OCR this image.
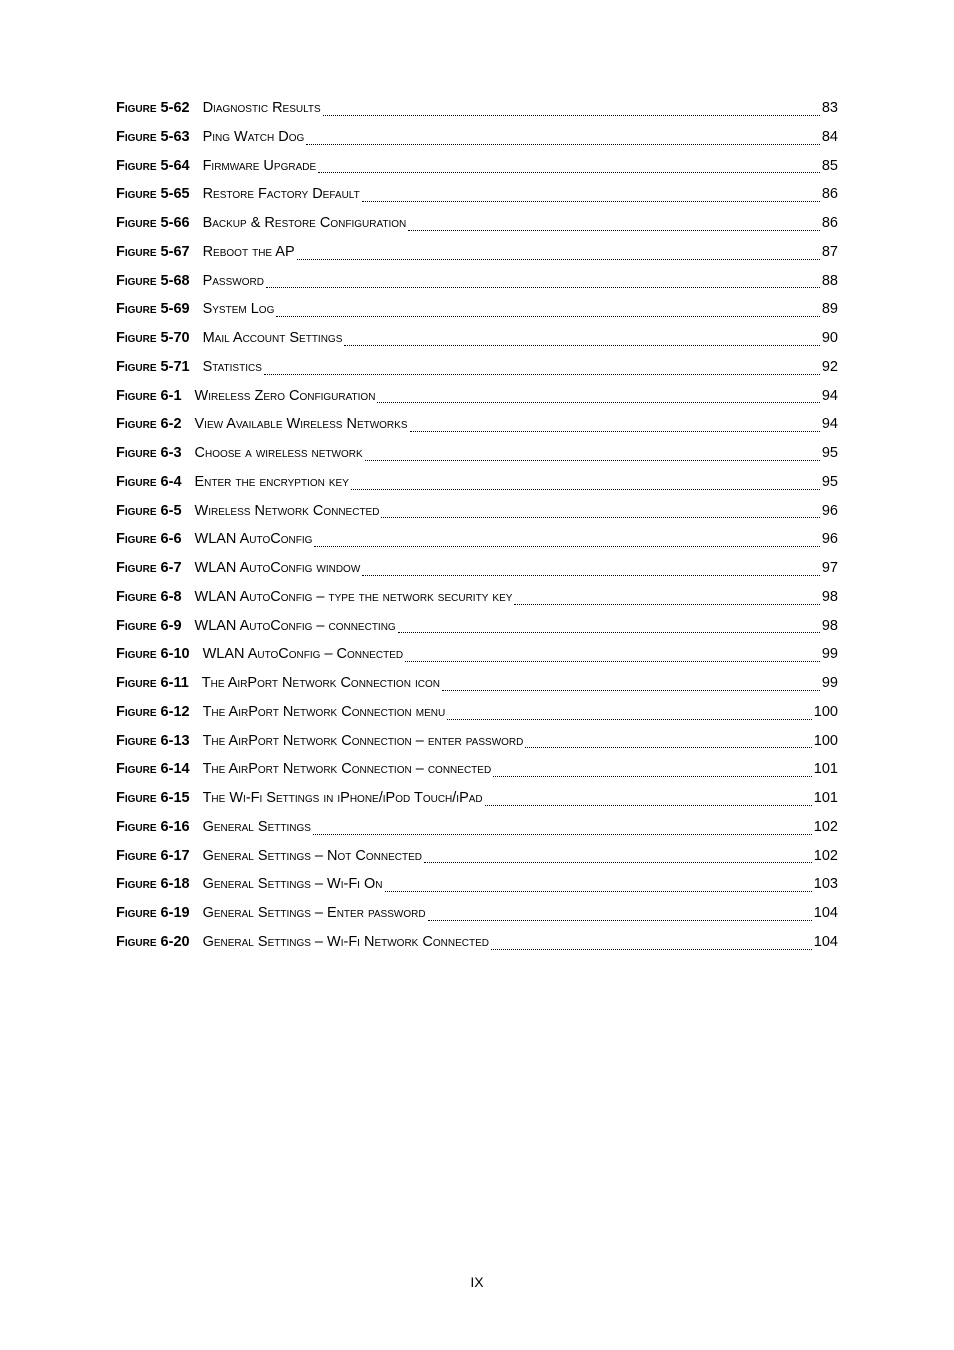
Figure 5-62 Diagnostic Results	83
Figure 5-63 Ping Watch Dog	84
Figure 5-64 Firmware Upgrade	85
Figure 5-65 Restore Factory Default	86
Figure 5-66 Backup & Restore Configuration	86
Figure 5-67 Reboot the AP	87
Figure 5-68 Password	88
Figure 5-69 System Log	89
Figure 5-70 Mail Account Settings	90
Figure 5-71 Statistics	92
Figure 6-1 Wireless Zero Configuration	94
Figure 6-2 View Available Wireless Networks	94
Figure 6-3 Choose a wireless network	95
Figure 6-4 Enter the encryption key	95
Figure 6-5 Wireless Network Connected	96
Figure 6-6 WLAN AutoConfig	96
Figure 6-7 WLAN AutoConfig window	97
Figure 6-8 WLAN AutoConfig – type the network security key	98
Figure 6-9 WLAN AutoConfig – connecting	98
Figure 6-10 WLAN AutoConfig – Connected	99
Figure 6-11 The AirPort Network Connection icon	99
Figure 6-12 The AirPort Network Connection menu	100
Figure 6-13 The AirPort Network Connection – enter password	100
Figure 6-14 The AirPort Network Connection – connected	101
Figure 6-15 The Wi-Fi Settings in iPhone/iPod Touch/iPad	101
Figure 6-16 General Settings	102
Figure 6-17 General Settings – Not Connected	102
Figure 6-18 General Settings – Wi-Fi On	103
Figure 6-19 General Settings – Enter password	104
Figure 6-20 General Settings – Wi-Fi Network Connected	104
IX
